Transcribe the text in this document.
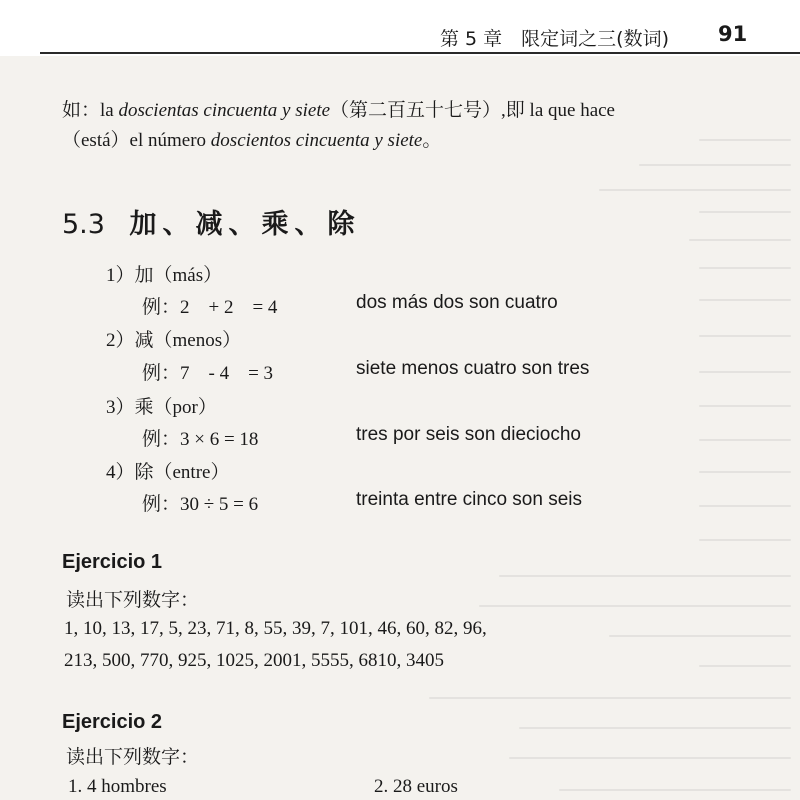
第 5 章　限定词之三(数词) 91
如：la doscientas cincuenta y siete（第二百五十七号）,即 la que hace
（está）el número doscientos cincuenta y siete。
5.3 加、减、乘、除
1）加（más）
例：2　+ 2　= 4	dos más dos son cuatro
2）减（menos）
例：7　- 4　= 3	siete menos cuatro son tres
3）乘（por）
例：3 × 6 = 18	tres por seis son dieciocho
4）除（entre）
例：30 ÷ 5 = 6	treinta entre cinco son seis
Ejercicio 1
读出下列数字：
1, 10, 13, 17, 5, 23, 71, 8, 55, 39, 7, 101, 46, 60, 82, 96,
213, 500, 770, 925, 1025, 2001, 5555, 6810, 3405
Ejercicio 2
读出下列数字：
1. 4 hombres	2. 28 euros
